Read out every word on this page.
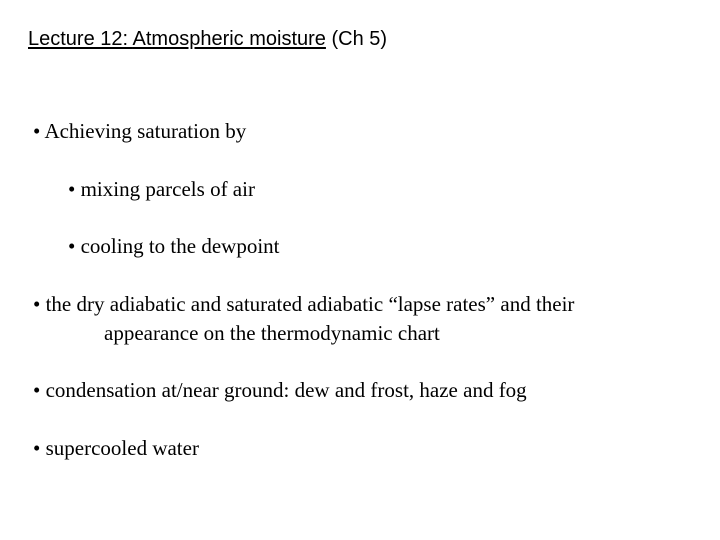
Lecture 12: Atmospheric moisture (Ch 5)
• Achieving saturation by
• mixing parcels of air
• cooling to the dewpoint
• the dry adiabatic and saturated adiabatic “lapse rates” and their
appearance on the thermodynamic chart
• condensation at/near ground: dew and frost, haze and fog
• supercooled water
